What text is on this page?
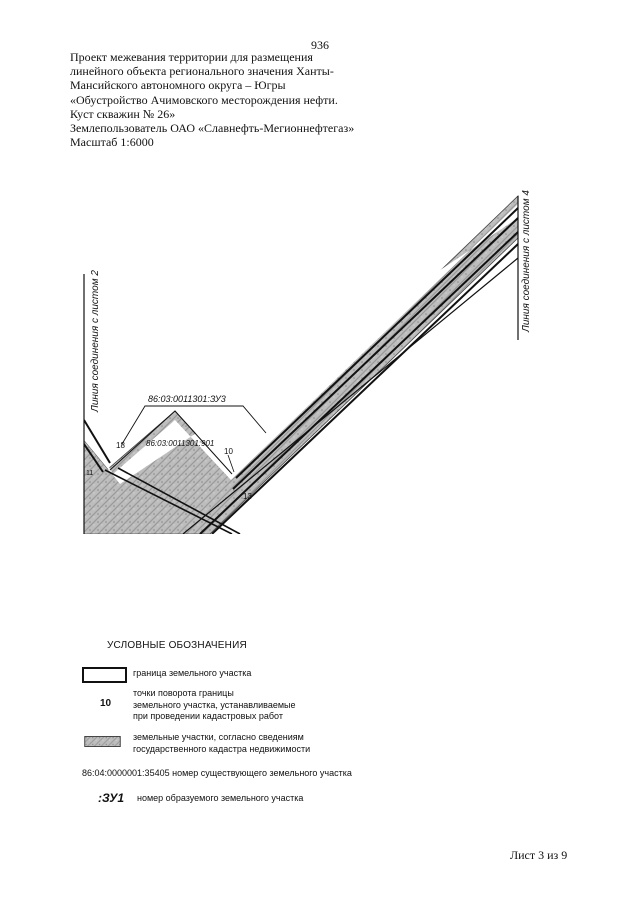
936
Проект межевания территории для размещения
линейного объекта регионального значения Ханты-
Мансийского автономного округа – Югры
«Обустройство Ачимовского месторождения нефти.
Куст скважин № 26»
Землепользователь ОАО «Славнефть-Мегионнефтегаз»
Масштаб 1:6000
Линия соединения с листом 2
Линия соединения с листом 4
86:03:0011301:ЗУ3
86:03:0011301:901
18
10
11
13
УСЛОВНЫЕ ОБОЗНАЧЕНИЯ
граница земельного участка
10
точки поворота границы
земельного участка, устанавливаемые
при проведении кадастровых работ
земельные участки, согласно сведениям
государственного кадастра недвижимости
86:04:0000001:35405 номер существующего земельного участка
:ЗУ1 номер образуемого земельного участка
Лист 3 из 9
